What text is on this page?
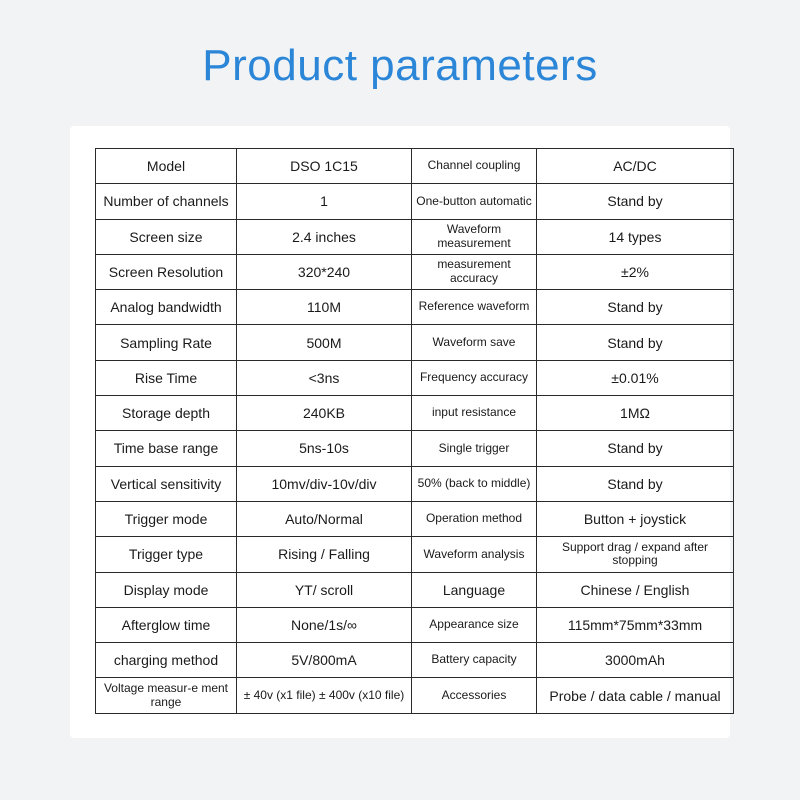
Product parameters
Model	DSO 1C15	Channel coupling	AC/DC
Number of channels	1	One-button automatic	Stand by
Screen size	2.4 inches	Waveform measurement	14 types
Screen Resolution	320*240	measurement accuracy	±2%
Analog bandwidth	110M	Reference waveform	Stand by
Sampling Rate	500M	Waveform save	Stand by
Rise Time	<3ns	Frequency accuracy	±0.01%
Storage depth	240KB	input resistance	1MΩ
Time base range	5ns-10s	Single trigger	Stand by
Vertical sensitivity	10mv/div-10v/div	50% (back to middle)	Stand by
Trigger mode	Auto/Normal	Operation method	Button + joystick
Trigger type	Rising / Falling	Waveform analysis	Support drag / expand after stopping
Display mode	YT/ scroll	Language	Chinese / English
Afterglow time	None/1s/∞	Appearance size	115mm*75mm*33mm
charging method	5V/800mA	Battery capacity	3000mAh
Voltage measur-e ment range	± 40v (x1 file) ± 400v (x10 file)	Accessories	Probe / data cable / manual
